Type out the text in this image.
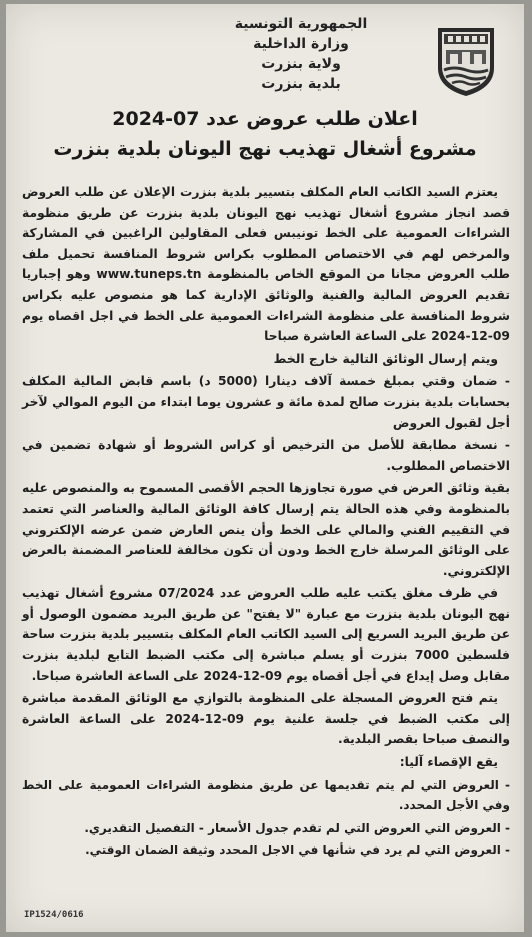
الجمهورية التونسية
وزارة الداخلية
ولاية بنزرت
بلدية بنزرت
اعلان طلب عروض عدد 07-2024
مشروع أشغال تهذيب نهج اليونان بلدية بنزرت

يعتزم السيد الكاتب العام المكلف بتسيير بلدية بنزرت الإعلان عن طلب العروض قصد انجاز مشروع أشغال تهذيب نهج اليونان بلدية بنزرت عن طريق منظومة الشراءات العمومية على الخط تونيبس فعلى المقاولين الراغبين في المشاركة والمرخص لهم في الاختصاص المطلوب بكراس شروط المنافسة تحميل ملف طلب العروض مجانا من الموقع الخاص بالمنظومة www.tuneps.tn وهو إجباريا تقديم العروض المالية والفنية والوثائق الإدارية كما هو منصوص عليه بكراس شروط المنافسة على منظومة الشراءات العمومية على الخط في اجل اقصاه يوم 09-12-2024 على الساعة العاشرة صباحا

ويتم إرسال الوثائق التالية خارج الخط

- ضمان وقتي بمبلغ خمسة آلاف دينارا (5000 د) باسم قابض المالية المكلف بحسابات بلدية بنزرت صالح لمدة مائة و عشرون يوما ابتداء من اليوم الموالي لآخر أجل لقبول العروض

- نسخة مطابقة للأصل من الترخيص أو كراس الشروط أو شهادة تضمين في الاختصاص المطلوب.

بقية وثائق العرض في صورة تجاوزها الحجم الأقصى المسموح به والمنصوص عليه بالمنظومة وفي هذه الحالة يتم إرسال كافة الوثائق المالية والعناصر التي تعتمد في التقييم الفني والمالي على الخط وأن ينص العارض ضمن عرضه الإلكتروني على الوثائق المرسلة خارج الخط ودون أن تكون مخالفة للعناصر المضمنة بالعرض الإلكتروني.

في ظرف مغلق يكتب عليه طلب العروض عدد 07/2024 مشروع أشغال تهذيب نهج اليونان بلدية بنزرت مع عبارة "لا يفتح" عن طريق البريد مضمون الوصول أو عن طريق البريد السريع إلى السيد الكاتب العام المكلف بتسيير بلدية بنزرت ساحة فلسطين 7000 بنزرت أو يسلم مباشرة إلى مكتب الضبط التابع لبلدية بنزرت مقابل وصل إيداع في أجل أقصاه يوم 09-12-2024 على الساعة العاشرة صباحا.

يتم فتح العروض المسجلة على المنظومة بالتوازي مع الوثائق المقدمة مباشرة إلى مكتب الضبط في جلسة علنية يوم 09-12-2024 على الساعة العاشرة والنصف صباحا بقصر البلدية.

يقع الإقصاء آليا:

- العروض التي لم يتم تقديمها عن طريق منظومة الشراءات العمومية على الخط وفي الأجل المحدد.

- العروض التي العروض التي لم تقدم جدول الأسعار - التفصيل التقديري.

- العروض التي لم يرد في شأنها في الاجل المحدد وثيقة الضمان الوقتي.

IP1524/0616
